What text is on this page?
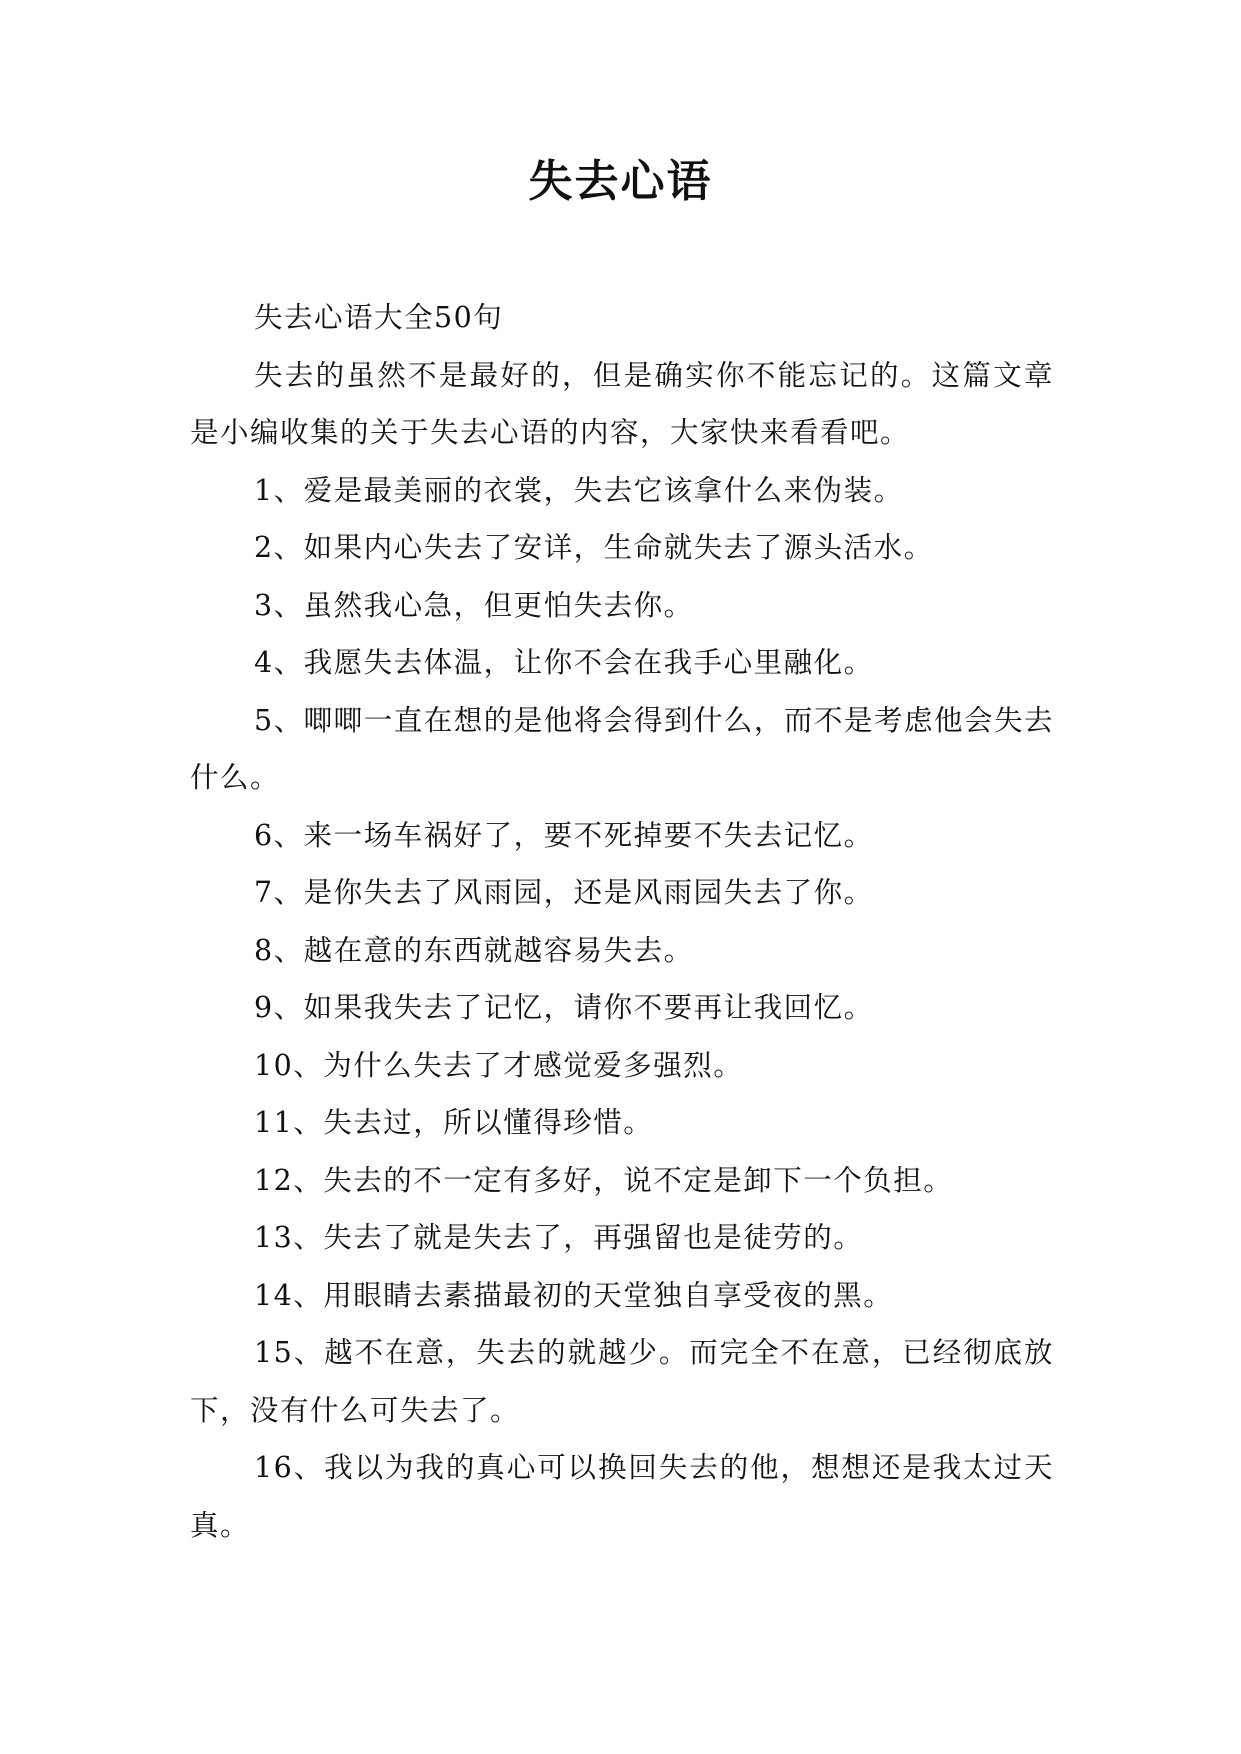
失去心语

失去心语大全50句

失去的虽然不是最好的，但是确实你不能忘记的。这篇文章是小编收集的关于失去心语的内容，大家快来看看吧。

1、爱是最美丽的衣裳，失去它该拿什么来伪装。

2、如果内心失去了安详，生命就失去了源头活水。

3、虽然我心急，但更怕失去你。

4、我愿失去体温，让你不会在我手心里融化。

5、唧唧一直在想的是他将会得到什么，而不是考虑他会失去什么。

6、来一场车祸好了，要不死掉要不失去记忆。

7、是你失去了风雨园，还是风雨园失去了你。

8、越在意的东西就越容易失去。

9、如果我失去了记忆，请你不要再让我回忆。

10、为什么失去了才感觉爱多强烈。

11、失去过，所以懂得珍惜。

12、失去的不一定有多好，说不定是卸下一个负担。

13、失去了就是失去了，再强留也是徒劳的。

14、用眼睛去素描最初的天堂独自享受夜的黑。

15、越不在意，失去的就越少。而完全不在意，已经彻底放下，没有什么可失去了。

16、我以为我的真心可以换回失去的他，想想还是我太过天真。
